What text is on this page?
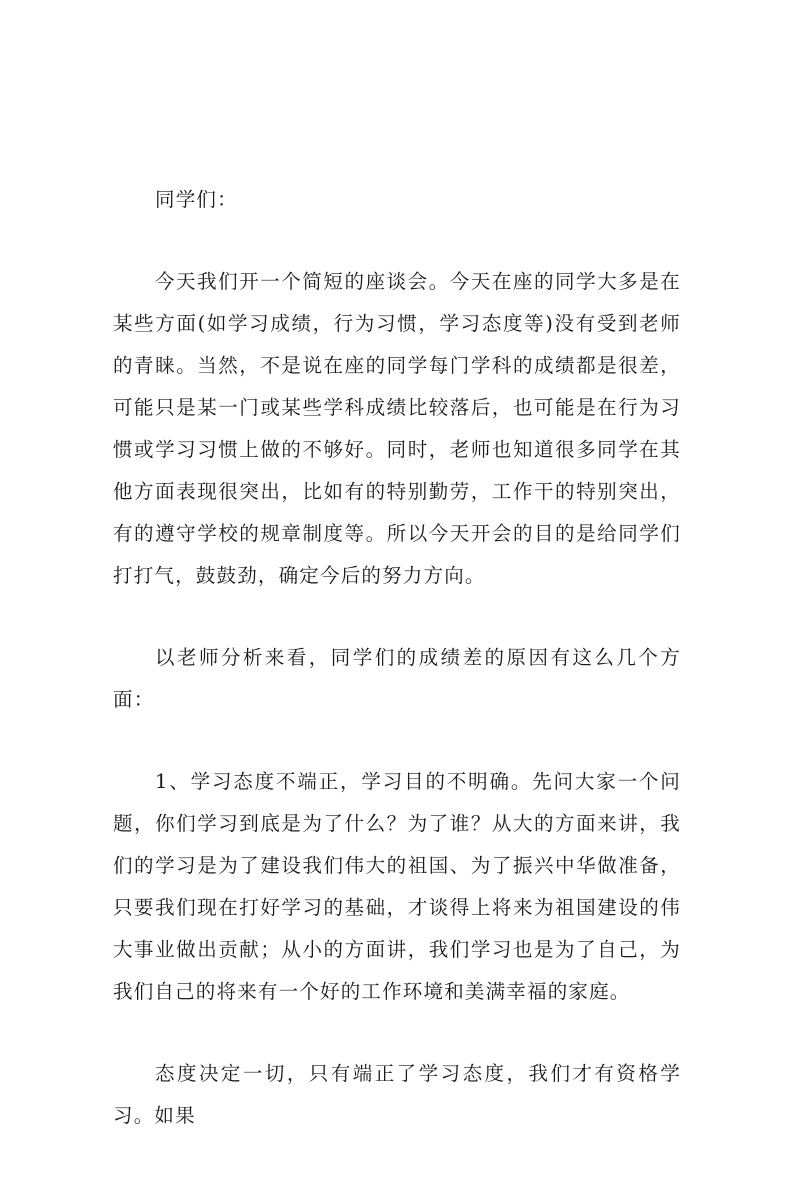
同学们：

今天我们开一个简短的座谈会。今天在座的同学大多是在某些方面(如学习成绩，行为习惯，学习态度等)没有受到老师的青睐。当然，不是说在座的同学每门学科的成绩都是很差，可能只是某一门或某些学科成绩比较落后，也可能是在行为习惯或学习习惯上做的不够好。同时，老师也知道很多同学在其他方面表现很突出，比如有的特别勤劳，工作干的特别突出，有的遵守学校的规章制度等。所以今天开会的目的是给同学们打打气，鼓鼓劲，确定今后的努力方向。

以老师分析来看，同学们的成绩差的原因有这么几个方面：

1、学习态度不端正，学习目的不明确。先问大家一个问题，你们学习到底是为了什么？为了谁？从大的方面来讲，我们的学习是为了建设我们伟大的祖国、为了振兴中华做准备，只要我们现在打好学习的基础，才谈得上将来为祖国建设的伟大事业做出贡献；从小的方面讲，我们学习也是为了自己，为我们自己的将来有一个好的工作环境和美满幸福的家庭。

态度决定一切，只有端正了学习态度，我们才有资格学习。如果
